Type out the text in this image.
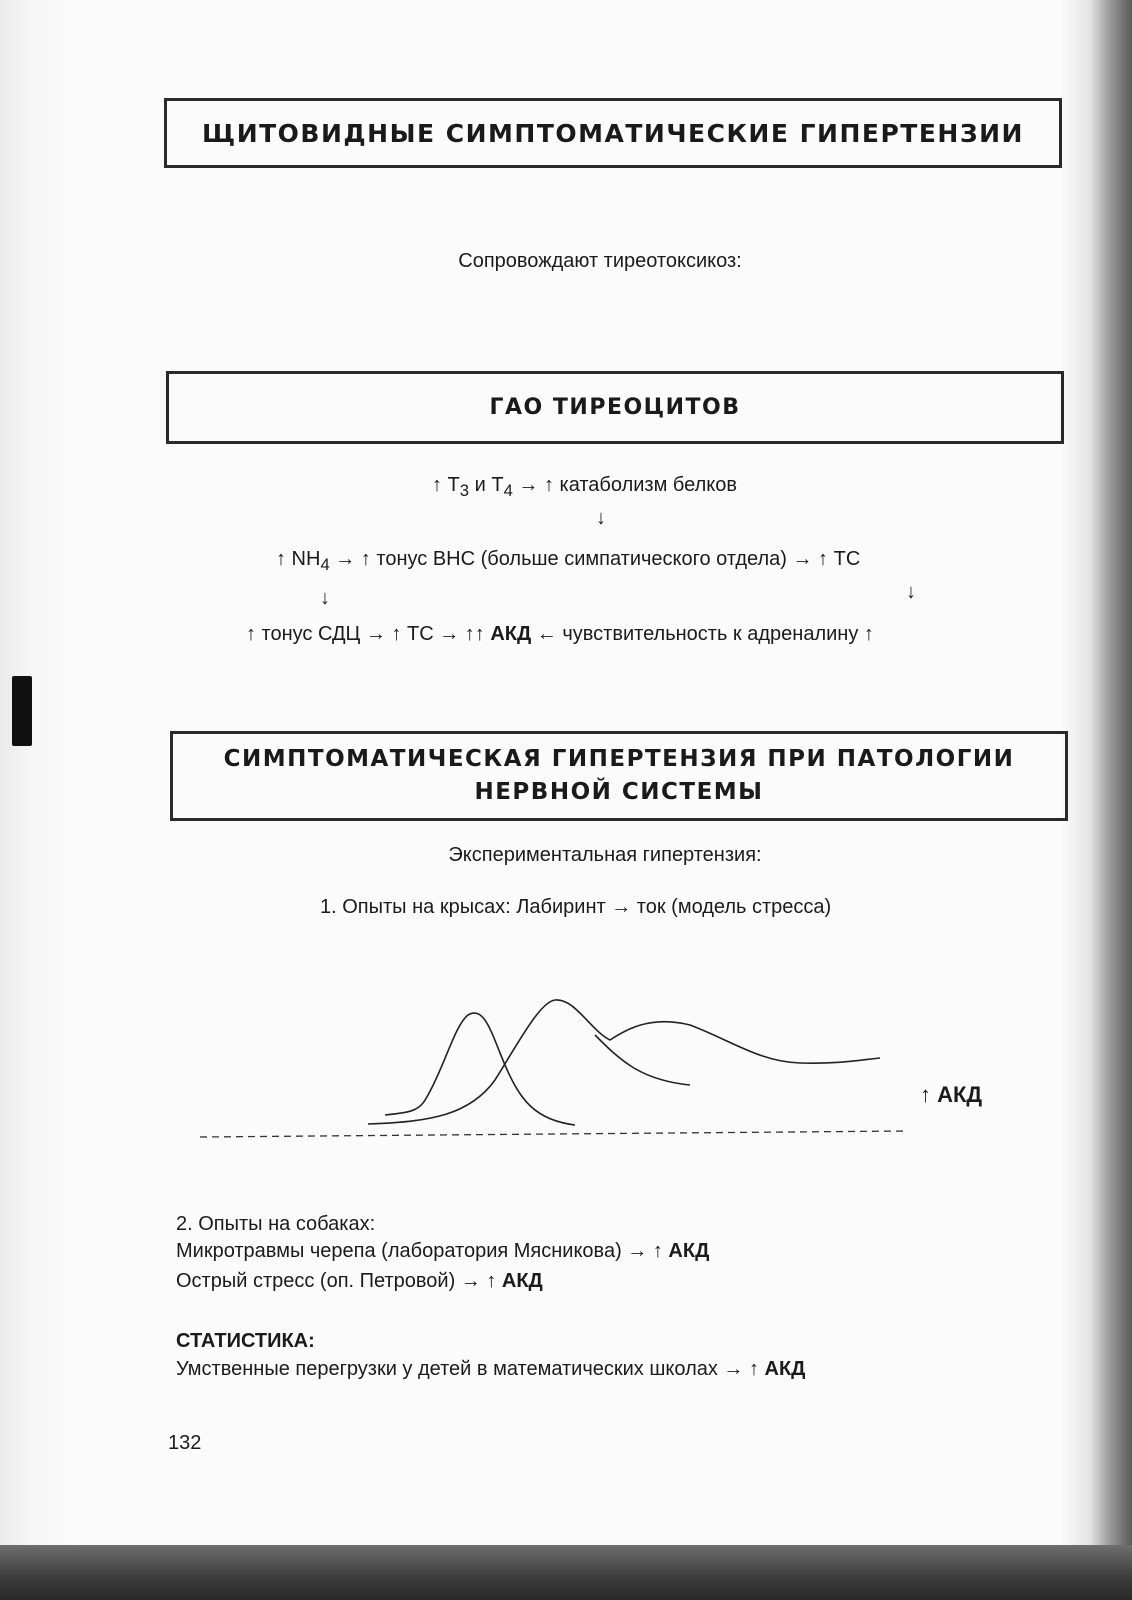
ЩИТОВИДНЫЕ СИМПТОМАТИЧЕСКИЕ ГИПЕРТЕНЗИИ
Сопровождают тиреотоксикоз:
ГАО ТИРЕОЦИТОВ
↑ $Т_3$ и $Т_4$ → ↑ катаболизм белков
↓
↑ $NH_4$ → ↑ тонус ВНС (больше симпатического отдела) → ↑ ТС
↓	↓
↑ тонус СДЦ → ↑ ТС → ↑↑ АКД ← чувствительность к адреналину ↑
СИМПТОМАТИЧЕСКАЯ ГИПЕРТЕНЗИЯ ПРИ ПАТОЛОГИИ НЕРВНОЙ СИСТЕМЫ
Экспериментальная гипертензия:
1. Опыты на крысах: Лабиринт → ток (модель стресса)
↑ АКД
2. Опыты на собаках:
Микротравмы черепа (лаборатория Мясникова) → ↑ АКД
Острый стресс (оп. Петровой) → ↑ АКД
СТАТИСТИКА:
Умственные перегрузки у детей в математических школах → ↑ АКД
132
